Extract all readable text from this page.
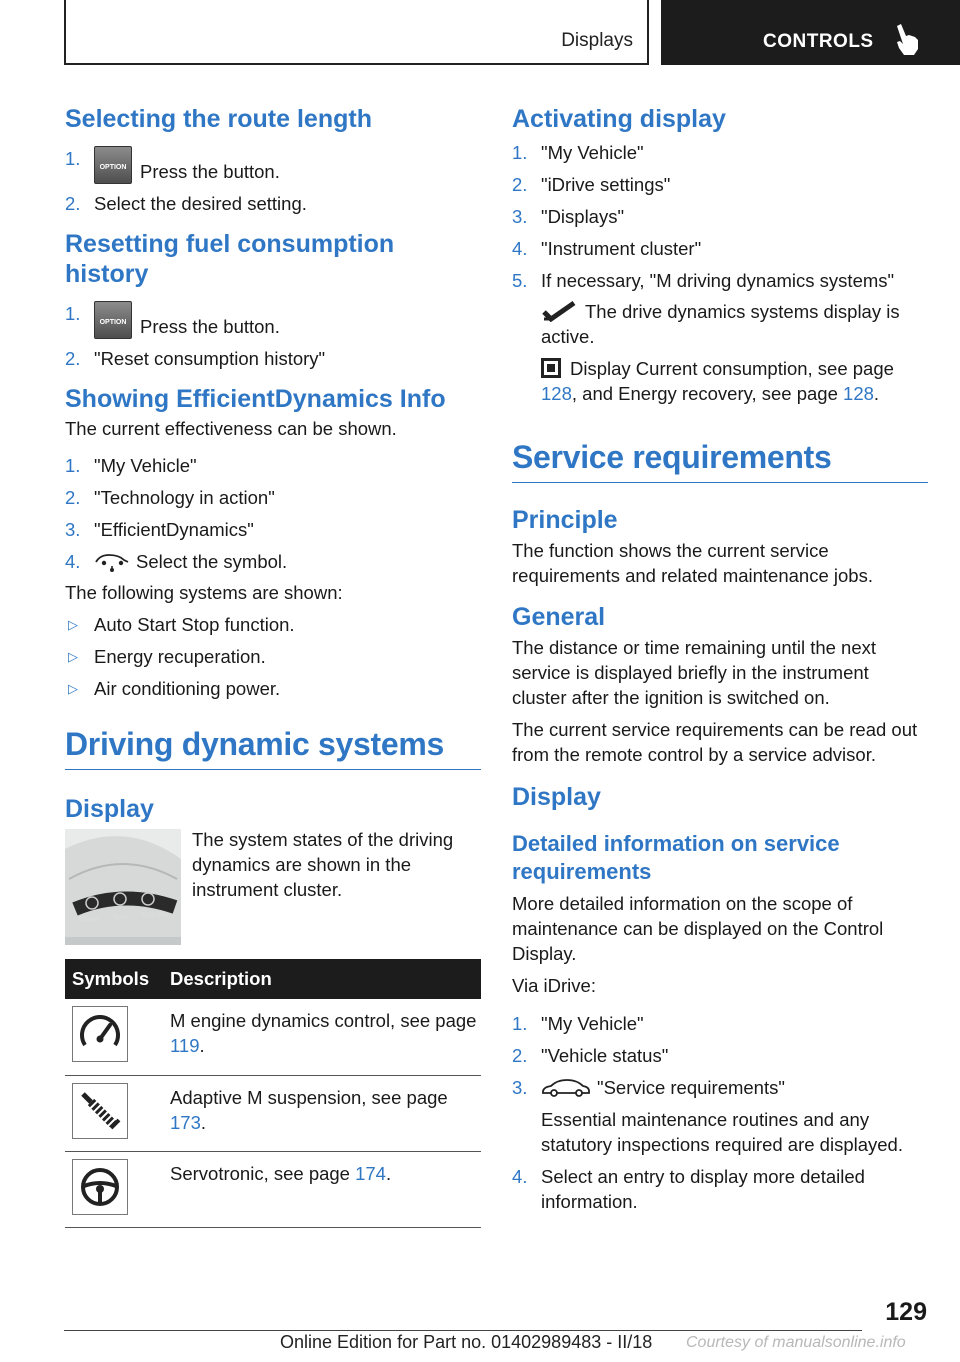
Displays	CONTROLS
Selecting the route length
1.	OPTION Press the button.
2. Select the desired setting.
Resetting fuel consumption history
1.	OPTION Press the button.
2. "Reset consumption history"
Showing EfficientDynamics Info

The current effectiveness can be shown.

1. "My Vehicle"
2. "Technology in action"
3. "EfficientDynamics"
4.	Select the symbol.

The following systems are shown:

▷ Auto Start Stop function.
▷ Energy recuperation.
▷ Air conditioning power.
Driving dynamic systems
Display
Efficient Sport Sport Plus

The system states of the driving dynamics are shown in the instrument cluster.

Symbols	Description

	M engine dynamics control, see page 119.

	Adaptive M suspension, see page 173.

	Servotronic, see page 174.
Activating display
1. "My Vehicle"
2. "iDrive settings"
3. "Displays"
4. "Instrument cluster"
5. If necessary, "M driving dynamics systems"

The drive dynamics systems display is active.

Display Current consumption, see page 128, and Energy recovery, see page 128.

Service requirements
Principle

The function shows the current service requirements and related maintenance jobs.

General

The distance or time remaining until the next service is displayed briefly in the instrument cluster after the ignition is switched on.

The current service requirements can be read out from the remote control by a service advisor.

Display
Detailed information on service requirements

More detailed information on the scope of maintenance can be displayed on the Control Display.

Via iDrive:

1. "My Vehicle"
2. "Vehicle status"
3.	"Service requirements"

Essential maintenance routines and any statutory inspections required are displayed.

4. Select an entry to display more detailed information.
129
Online Edition for Part no. 01402989483 - II/18 Courtesy of manualsonline.info
